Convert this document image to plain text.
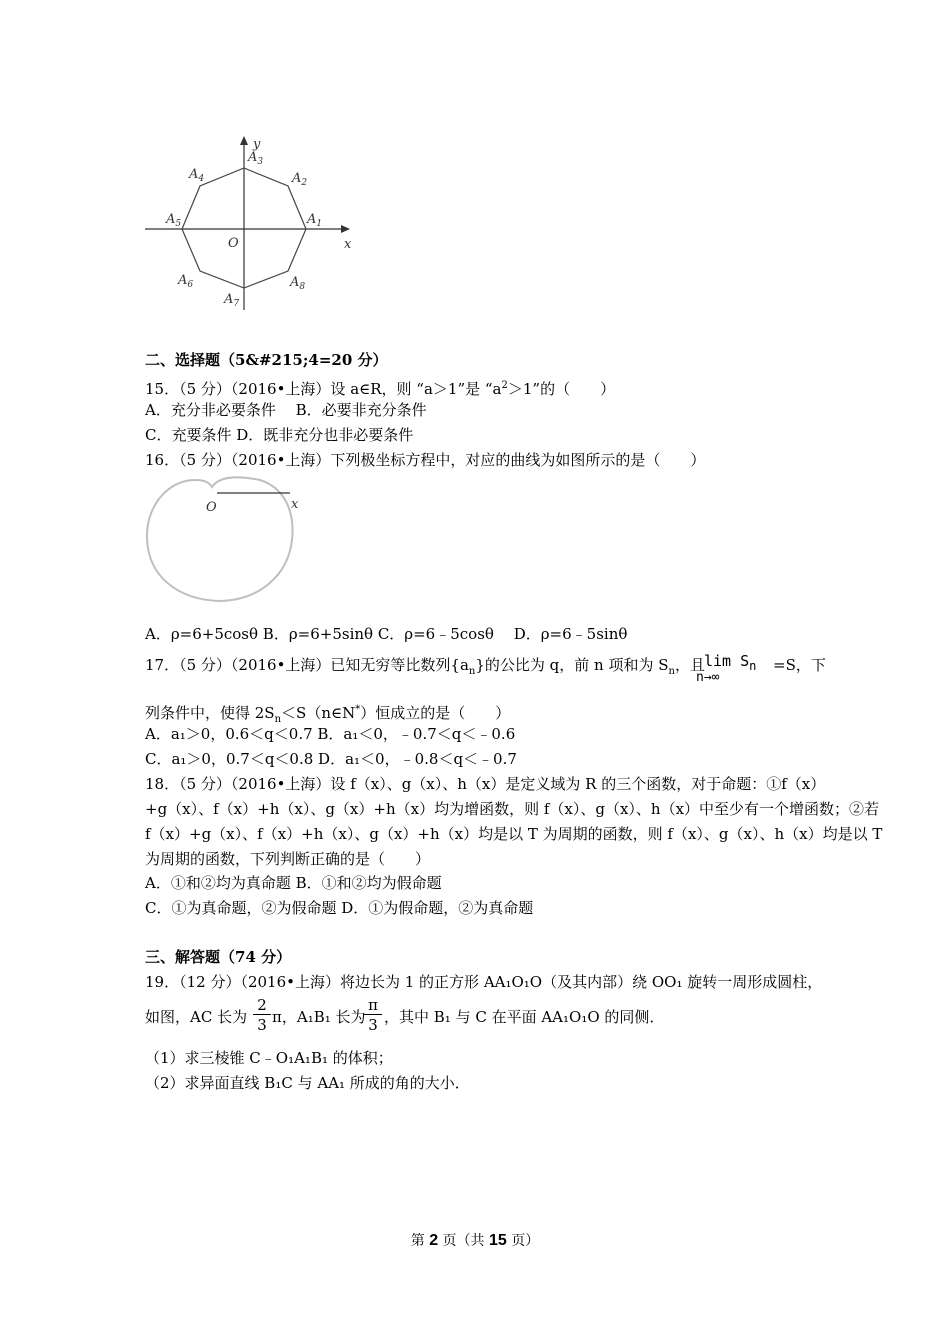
y
x
O
$A_3$
$A_2$
$A_4$
$A_1$
$A_5$
$A_6$	$A_8$
$A_7$
二、选择题（5&#215;4=20 分）
15．（5 分）（2016•上海）设 a∈R，则 “a＞1”是 “$a^2>1$”的（　　）
A．充分非必要条件　 B．必要非充分条件
C．充要条件 D．既非充分也非必要条件
16．（5 分）（2016•上海）下列极坐标方程中，对应的曲线为如图所示的是（　　）
O	x
A．ρ=6+5cosθ B．ρ=6+5sinθ C．ρ=6﹣5cosθ　 D．ρ=6﹣5sinθ
17．（5 分）（2016•上海）已知无穷等比数列$\{a_n\}$的公比为 q，前 n 项和为 $S_n$，且 $\lim S_n$
n→∞
=S，下
列条件中，使得 $2S_n<S(n\in N^*)$恒成立的是（　　）
A．a₁＞0，0.6＜q＜0.7 B．a₁＜0，﹣0.7＜q＜﹣0.6
C．a₁＞0，0.7＜q＜0.8 D．a₁＜0，﹣0.8＜q＜﹣0.7
18．（5 分）（2016•上海）设 f（x）、g（x）、h（x）是定义域为 R 的三个函数，对于命题：①f（x）
+g（x）、f（x）+h（x）、g（x）+h（x）均为增函数，则 f（x）、g（x）、h（x）中至少有一个增函数；②若
f（x）+g（x）、f（x）+h（x）、g（x）+h（x）均是以 T 为周期的函数，则 f（x）、g（x）、h（x）均是以 T
为周期的函数，下列判断正确的是（　　）
A．①和②均为真命题 B．①和②均为假命题
C．①为真命题，②为假命题 D．①为假命题，②为真命题
三、解答题（74 分）
19．（12 分）（2016•上海）将边长为 1 的正方形 AA₁O₁O（及其内部）绕 OO₁ 旋转一周形成圆柱，
如图，AC 长为 $\frac{2}{3}$ π，A₁B₁ 长为
$\frac{\pi}{3}$ ，其中 B₁ 与 C 在平面 AA₁O₁O 的同侧．
（1）求三棱锥 C﹣O₁A₁B₁ 的体积；
（2）求异面直线 B₁C 与 AA₁ 所成的角的大小．
第 2 页（共 15 页）
